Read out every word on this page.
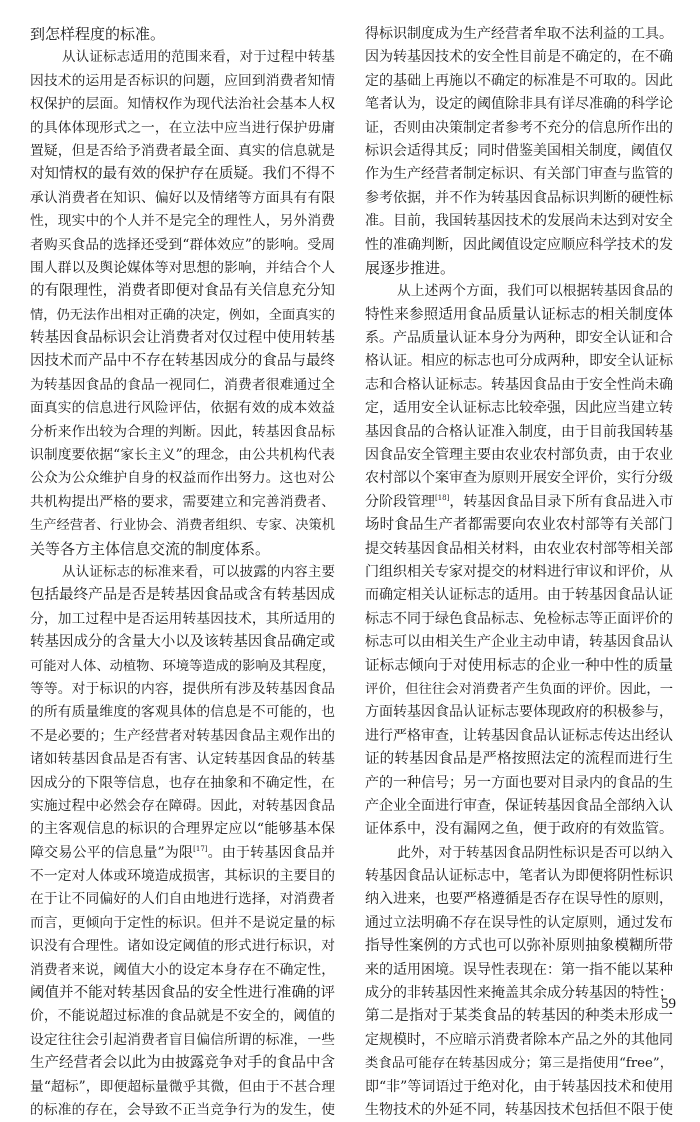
到怎样程度的标准。
从认证标志适用的范围来看，对于过程中转基
因技术的运用是否标识的问题，应回到消费者知情
权保护的层面。知情权作为现代法治社会基本人权
的具体体现形式之一，在立法中应当进行保护毋庸
置疑，但是否给予消费者最全面、真实的信息就是
对知情权的最有效的保护存在质疑。我们不得不
承认消费者在知识、偏好以及情绪等方面具有有限
性，现实中的个人并不是完全的理性人，另外消费
者购买食品的选择还受到“群体效应”的影响。受周
围人群以及舆论媒体等对思想的影响，并结合个人
的有限理性，消费者即便对食品有关信息充分知
情，仍无法作出相对正确的决定，例如，全面真实的
转基因食品标识会让消费者对仅过程中使用转基
因技术而产品中不存在转基因成分的食品与最终
为转基因食品的食品一视同仁，消费者很难通过全
面真实的信息进行风险评估，依据有效的成本效益
分析来作出较为合理的判断。因此，转基因食品标
识制度要依据“家长主义”的理念，由公共机构代表
公众为公众维护自身的权益而作出努力。这也对公
共机构提出严格的要求，需要建立和完善消费者、
生产经营者、行业协会、消费者组织、专家、决策机
关等各方主体信息交流的制度体系。
从认证标志的标准来看，可以披露的内容主要
包括最终产品是否是转基因食品或含有转基因成
分，加工过程中是否运用转基因技术，其所适用的
转基因成分的含量大小以及该转基因食品确定或
可能对人体、动植物、环境等造成的影响及其程度，
等等。对于标识的内容，提供所有涉及转基因食品
的所有质量维度的客观具体的信息是不可能的，也
不是必要的；生产经营者对转基因食品主观作出的
诸如转基因食品是否有害、认定转基因食品的转基
因成分的下限等信息，也存在抽象和不确定性，在
实施过程中必然会存在障碍。因此，对转基因食品
的主客观信息的标识的合理界定应以“能够基本保
障交易公平的信息量”为限[17]。由于转基因食品并
不一定对人体或环境造成损害，其标识的主要目的
在于让不同偏好的人们自由地进行选择，对消费者
而言，更倾向于定性的标识。但并不是说定量的标
识没有合理性。诸如设定阈值的形式进行标识，对
消费者来说，阈值大小的设定本身存在不确定性，
阈值并不能对转基因食品的安全性进行准确的评
价，不能说超过标准的食品就是不安全的，阈值的
设定往往会引起消费者盲目偏信所谓的标准，一些
生产经营者会以此为由披露竞争对手的食品中含
量“超标”，即便超标量微乎其微，但由于不甚合理
的标准的存在，会导致不正当竞争行为的发生，使
得标识制度成为生产经营者牟取不法利益的工具。
因为转基因技术的安全性目前是不确定的，在不确
定的基础上再施以不确定的标准是不可取的。因此
笔者认为，设定的阈值除非具有详尽准确的科学论
证，否则由决策制定者参考不充分的信息所作出的
标识会适得其反；同时借鉴美国相关制度，阈值仅
作为生产经营者制定标识、有关部门审查与监管的
参考依据，并不作为转基因食品标识判断的硬性标
准。目前，我国转基因技术的发展尚未达到对安全
性的准确判断，因此阈值设定应顺应科学技术的发
展逐步推进。
从上述两个方面，我们可以根据转基因食品的
特性来参照适用食品质量认证标志的相关制度体
系。产品质量认证本身分为两种，即安全认证和合
格认证。相应的标志也可分成两种，即安全认证标
志和合格认证标志。转基因食品由于安全性尚未确
定，适用安全认证标志比较牵强，因此应当建立转
基因食品的合格认证准入制度，由于目前我国转基
因食品安全管理主要由农业农村部负责，由于农业
农村部以个案审查为原则开展安全评价，实行分级
分阶段管理[18]，转基因食品目录下所有食品进入市
场时食品生产者都需要向农业农村部等有关部门
提交转基因食品相关材料，由农业农村部等相关部
门组织相关专家对提交的材料进行审议和评价，从
而确定相关认证标志的适用。由于转基因食品认证
标志不同于绿色食品标志、免检标志等正面评价的
标志可以由相关生产企业主动申请，转基因食品认
证标志倾向于对使用标志的企业一种中性的质量
评价，但往往会对消费者产生负面的评价。因此，一
方面转基因食品认证标志要体现政府的积极参与，
进行严格审查，让转基因食品认证标志传达出经认
证的转基因食品是严格按照法定的流程而进行生
产的一种信号；另一方面也要对目录内的食品的生
产企业全面进行审查，保证转基因食品全部纳入认
证体系中，没有漏网之鱼，便于政府的有效监管。
此外，对于转基因食品阴性标识是否可以纳入
转基因食品认证标志中，笔者认为即便将阴性标识
纳入进来，也要严格遵循是否存在误导性的原则，
通过立法明确不存在误导性的认定原则，通过发布
指导性案例的方式也可以弥补原则抽象模糊所带
来的适用困境。误导性表现在：第一指不能以某种
成分的非转基因性来掩盖其余成分转基因的特性；
第二是指对于某类食品的转基因的种类未形成一
定规模时，不应暗示消费者除本产品之外的其他同
类食品可能存在转基因成分；第三是指使用“free”，
即“非”等词语过于绝对化，由于转基因技术和使用
生物技术的外延不同，转基因技术包括但不限于使
59
